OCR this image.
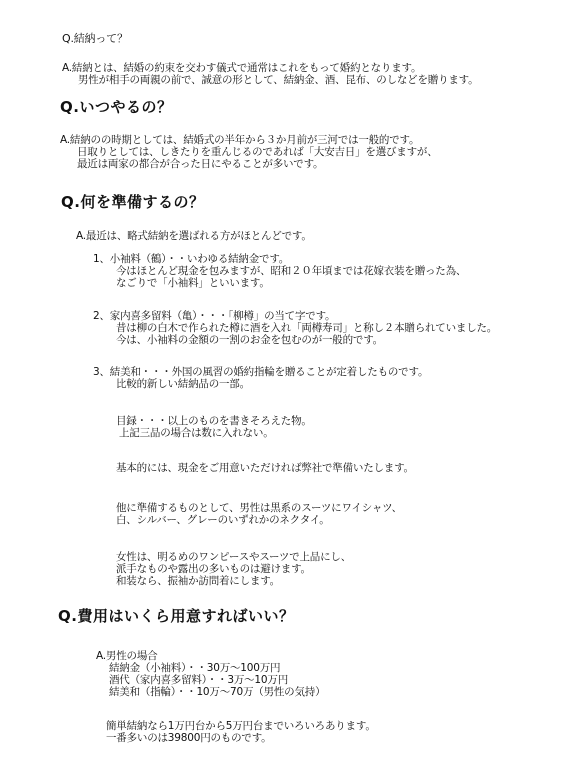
Q.結納って？
A.結納とは、結婚の約束を交わす儀式で通常はこれをもって婚約となります。
男性が相手の両親の前で、誠意の形として、結納金、酒、昆布、のしなどを贈ります。
Q.いつやるの？
A.結納のの時期としては、結婚式の半年から３か月前が三河では一般的です。
日取りとしては、しきたりを重んじるのであれば「大安吉日」を選びますが、
最近は両家の都合が合った日にやることが多いです。
Q.何を準備するの？
A.最近は、略式結納を選ばれる方がほとんどです。
1、小袖料（鶴）・・いわゆる結納金です。
今はほとんど現金を包みますが、昭和２０年頃までは花嫁衣装を贈った為、
なごりで「小袖料」といいます。
2、家内喜多留料（亀）・・・「柳樽」の当て字です。
昔は柳の白木で作られた樽に酒を入れ「両樽寿司」と称し２本贈られていました。
今は、小袖料の金額の一割のお金を包むのが一般的です。
3、結美和・・・外国の風習の婚約指輪を贈ることが定着したものです。
比較的新しい結納品の一部。
目録・・・以上のものを書きそろえた物。
上記三品の場合は数に入れない。
基本的には、現金をご用意いただければ弊社で準備いたします。
他に準備するものとして、男性は黒系のスーツにワイシャツ、
白、シルバー、グレーのいずれかのネクタイ。
女性は、明るめのワンピースやスーツで上品にし、
派手なものや露出の多いものは避けます。
和装なら、振袖か訪問着にします。
Q.費用はいくら用意すればいい？
A.男性の場合
結納金（小袖料）・・30万〜100万円
酒代（家内喜多留料）・・3万〜10万円
結美和（指輪）・・10万〜70万（男性の気持）
簡単結納なら1万円台から5万円台までいろいろあります。
一番多いのは39800円のものです。
